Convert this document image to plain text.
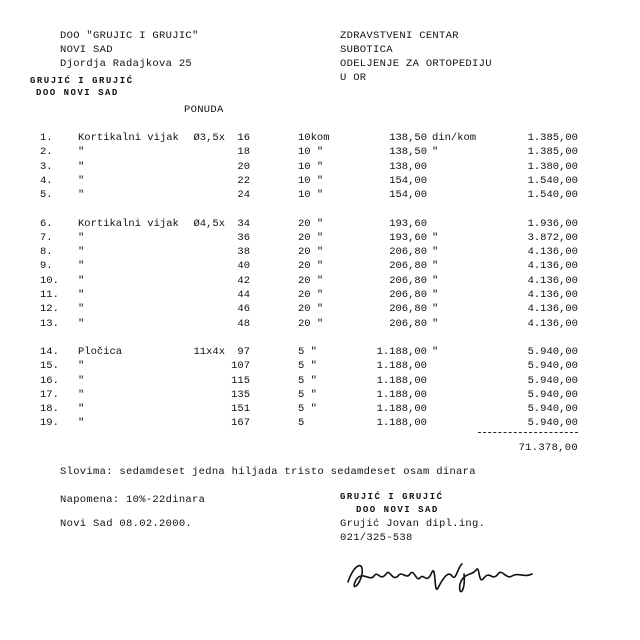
DOO "GRUJIC I GRUJIC"
NOVI SAD
Djordja Radajkova 25
GRUJIĆ I GRUJIĆ
DOO NOVI SAD
ZDRAVSTVENI CENTAR
SUBOTICA
ODELJENJE ZA ORTOPEDIJU
U OR
PONUDA
1. Kortikalni vijak Ø3,5x 16	10kom	138,50 din/kom	1.385,00
2. "	18	10 "	138,50 "	1.385,00
3. "	20	10 "	138,00	1.380,00
4. "	22	10 "	154,00	1.540,00
5. "	24	10 "	154,00	1.540,00
6. Kortikalni vijak Ø4,5x 34	20 "	193,60	1.936,00
7. "	36	20 "	193,60 "	3.872,00
8. "	38	20 "	206,80 "	4.136,00
9. "	40	20 "	206,80 "	4.136,00
10. "	42	20 "	206,80 "	4.136,00
11. "	44	20 "	206,80 "	4.136,00
12. "	46	20 "	206,80 "	4.136,00
13. "	48	20 "	206,80 "	4.136,00
14. Pločica	11x4x 97	5 "	1.188,00 "	5.940,00
15. "	107	5 "	1.188,00	5.940,00
16. "	115	5 "	1.188,00	5.940,00
17. "	135	5 "	1.188,00	5.940,00
18. "	151	5 "	1.188,00	5.940,00
19. "	167	5	1.188,00	5.940,00
71.378,00
Slovima: sedamdeset jedna hiljada tristo sedamdeset osam dinara
Napomena: 10%-22dinara
Novi Sad 08.02.2000.
GRUJIĆ I GRUJIĆ
DOO NOVI SAD
Grujić Jovan dipl.ing.
021/325-538
